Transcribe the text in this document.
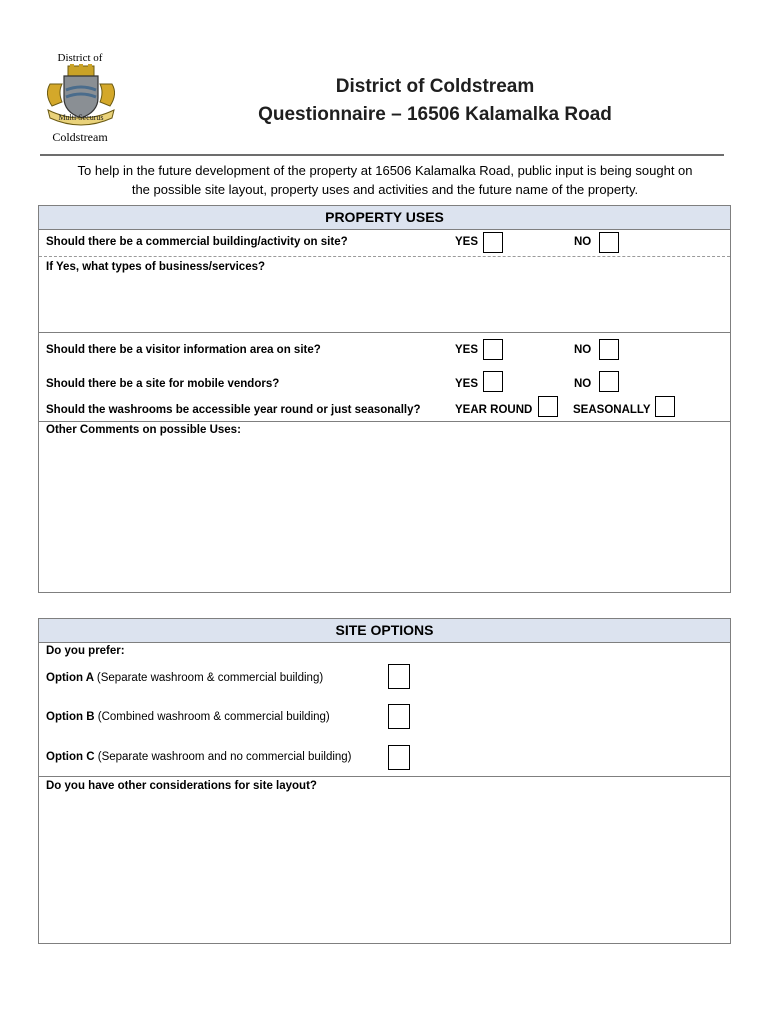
District of
Multi Securus
Coldstream
District of Coldstream
Questionnaire – 16506 Kalamalka Road
To help in the future development of the property at 16506 Kalamalka Road, public input is being sought on
the possible site layout, property uses and activities and the future name of the property.
PROPERTY USES
Should there be a commercial building/activity on site?	YES	NO
If Yes, what types of business/services?
Should there be a visitor information area on site?	YES	NO
Should there be a site for mobile vendors?	YES	NO
Should the washrooms be accessible year round or just seasonally?	YEAR ROUND	SEASONALLY
Other Comments on possible Uses:
SITE OPTIONS
Do you prefer:
Option A (Separate washroom & commercial building)
Option B (Combined washroom & commercial building)
Option C (Separate washroom and no commercial building)
Do you have other considerations for site layout?
